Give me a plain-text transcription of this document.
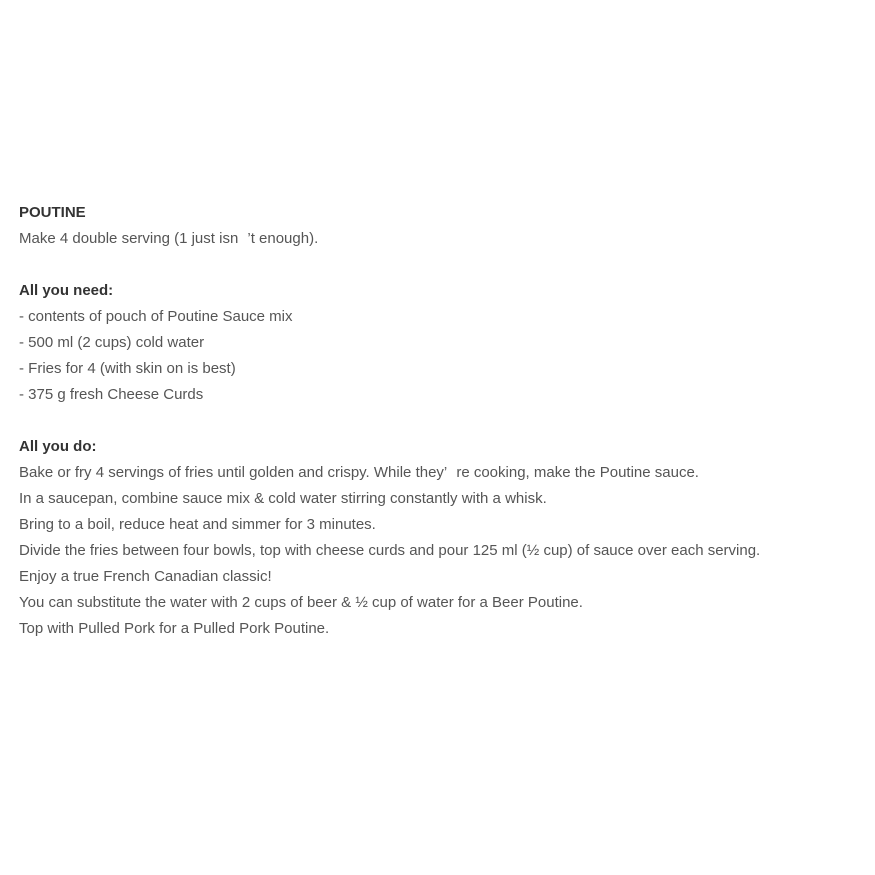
POUTINE

Make 4 double serving (1 just isn’t enough).

All you need:

- contents of pouch of Poutine Sauce mix

- 500 ml (2 cups) cold water

- Fries for 4 (with skin on is best)

- 375 g fresh Cheese Curds

All you do:

Bake or fry 4 servings of fries until golden and crispy. While they’re cooking, make the Poutine sauce.

In a saucepan, combine sauce mix & cold water stirring constantly with a whisk.

Bring to a boil, reduce heat and simmer for 3 minutes.

Divide the fries between four bowls, top with cheese curds and pour 125 ml (½ cup) of sauce over each serving.

Enjoy a true French Canadian classic!

You can substitute the water with 2 cups of beer & ½ cup of water for a Beer Poutine.

Top with Pulled Pork for a Pulled Pork Poutine.
